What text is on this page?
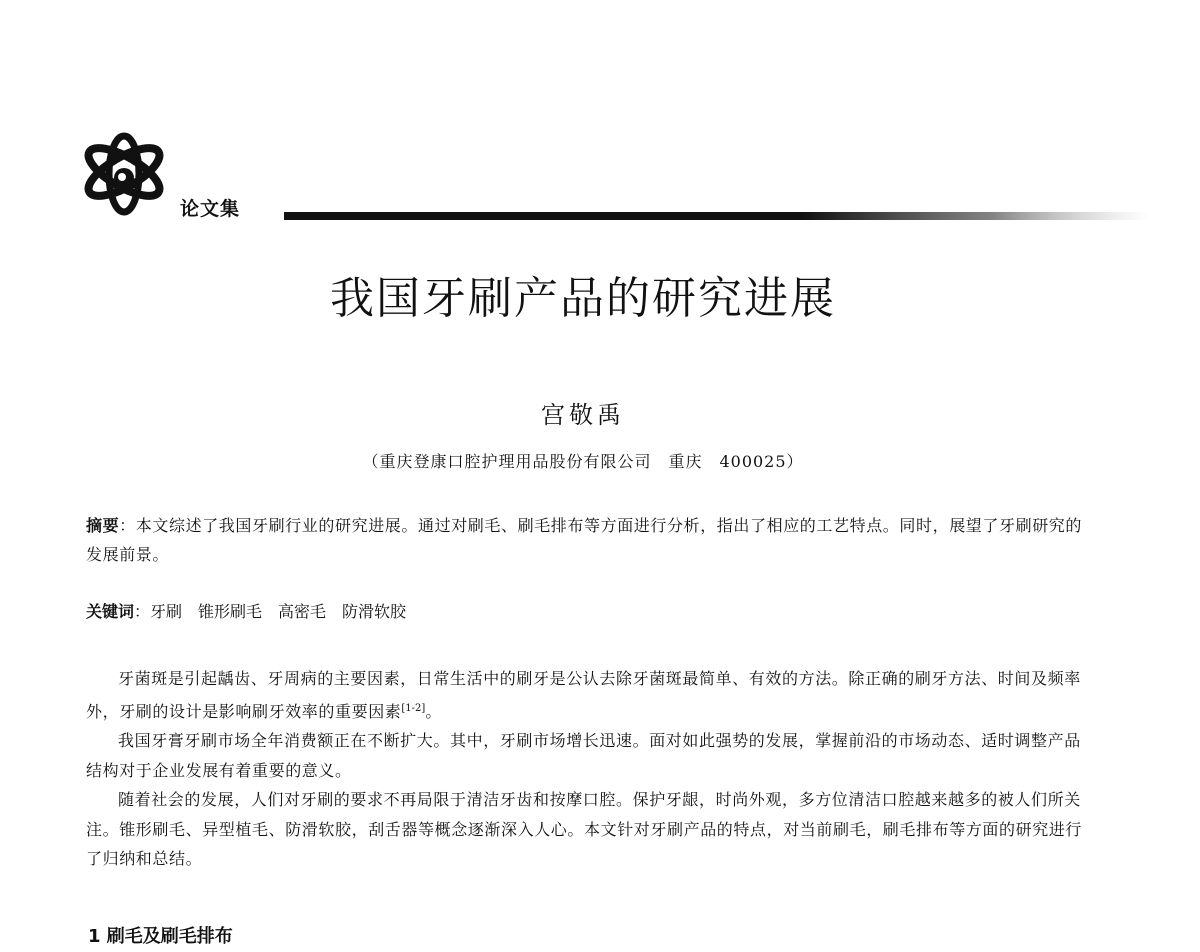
论文集
我国牙刷产品的研究进展
宫敬禹
（重庆登康口腔护理用品股份有限公司　重庆　400025）
摘要：本文综述了我国牙刷行业的研究进展。通过对刷毛、刷毛排布等方面进行分析，指出了相应的工艺特点。同时，展望了牙刷研究的发展前景。
关键词：牙刷　锥形刷毛　高密毛　防滑软胶

牙菌斑是引起龋齿、牙周病的主要因素，日常生活中的刷牙是公认去除牙菌斑最简单、有效的方法。除正确的刷牙方法、时间及频率外，牙刷的设计是影响刷牙效率的重要因素[1-2]。

我国牙膏牙刷市场全年消费额正在不断扩大。其中，牙刷市场增长迅速。面对如此强势的发展，掌握前沿的市场动态、适时调整产品结构对于企业发展有着重要的意义。

随着社会的发展，人们对牙刷的要求不再局限于清洁牙齿和按摩口腔。保护牙龈，时尚外观，多方位清洁口腔越来越多的被人们所关注。锥形刷毛、异型植毛、防滑软胶，刮舌器等概念逐渐深入人心。本文针对牙刷产品的特点，对当前刷毛，刷毛排布等方面的研究进行了归纳和总结。

1 刷毛及刷毛排布
